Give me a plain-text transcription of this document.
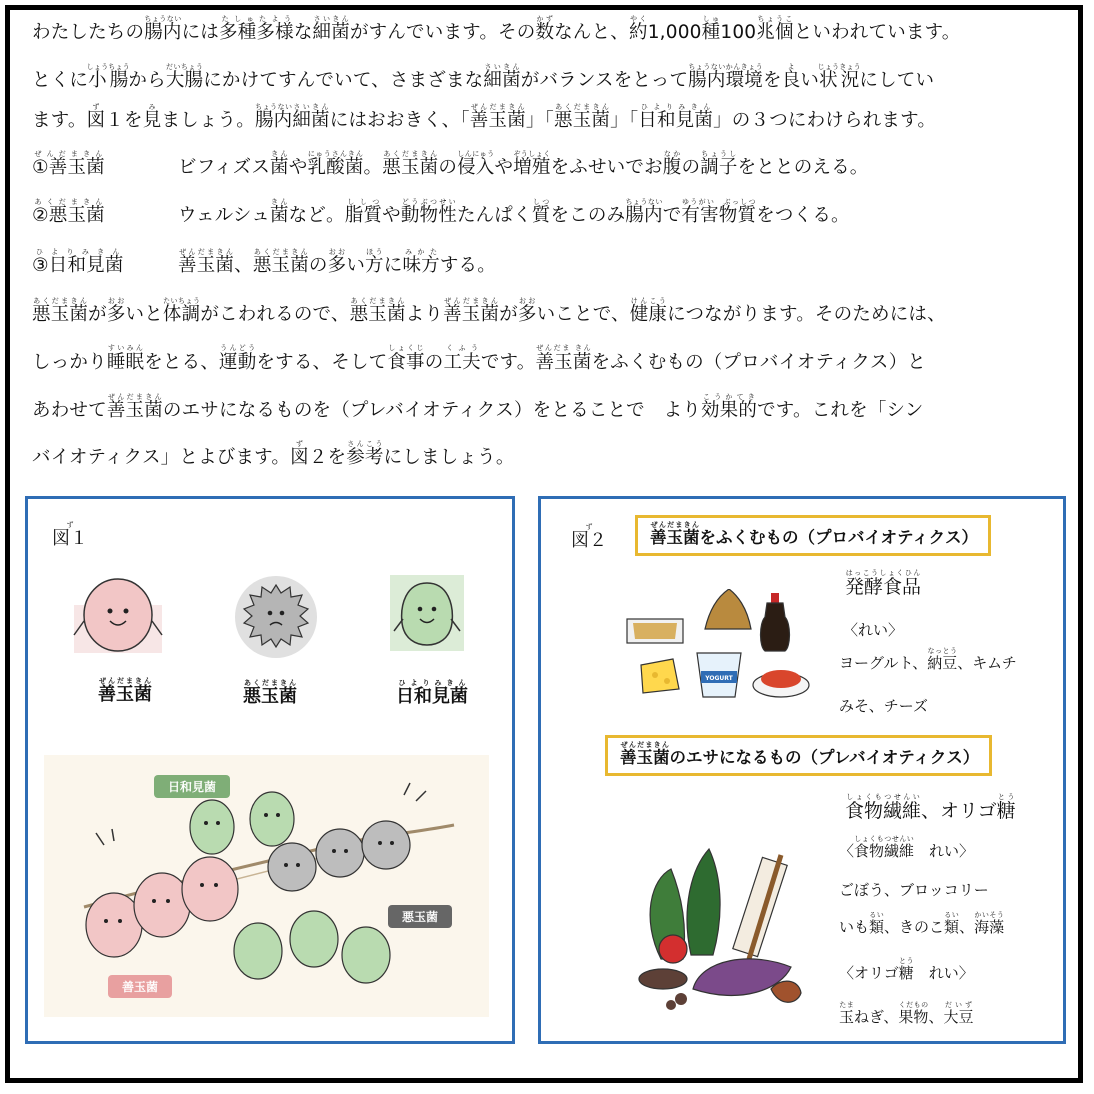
わたしたちの腸内ちょうないには多種多様たしゅたような細菌さいきんがすんでいます。その数かずなんと、約やく1,000種しゅ100兆個ちょうこといわれています。
とくに小腸しょうちょうから大腸だいちょうにかけてすんでいて、さまざまな細菌さいきんがバランスをとって腸内環境ちょうないかんきょうを良よい状況じょうきょうにしてい
ます。図ず１を見みましょう。腸内ちょうない細菌さいきんにはおおきく、「善玉菌ぜんだまきん」「悪玉菌あくだまきん」「日和見菌ひよりみきん」の３つにわけられます。
①善玉菌ぜんだまきんビフィズス菌きんや乳酸菌にゅうさんきん。悪玉菌あくだまきんの侵入しんにゅうや増殖ぞうしょくをふせいでお腹なかの調子ちょうしをととのえる。
②悪玉菌あくだまきんウェルシュ菌きんなど。脂質ししつや動物性どうぶつせいたんぱく質しつをこのみ腸内ちょうないで有害物質ゆうがい　ぶっしつをつくる。
③日和見菌ひよりみきん善玉菌ぜんだまきん、悪玉菌あくだまきんの多おおい方ほうに味方みかたする。
悪玉菌あくだまきんが多おおいと体調たいちょうがこわれるので、悪玉菌あくだまきんより善玉菌ぜんだまきんが多おおいことで、健康けんこうにつながります。そのためには、
しっかり睡眠すいみんをとる、運動うんどうをする、そして食事しょくじの工夫くふうです。善玉菌ぜんだま きんをふくむもの（プロバイオティクス）と
あわせて善玉菌ぜんだまきんのエサになるものを（プレバイオティクス）をとることで　より効果的こうかてきです。これを「シン
バイオティクス」とよびます。図ず２を参考さんこうにしましょう。
図１ず
善玉菌ぜんだまきん
悪玉菌あくだまきん
日和見菌ひよりみきん
日和見菌
悪玉菌
善玉菌
図２ず
善玉菌ぜんだまきんをふくむもの（プロバイオティクス）
YOGURT
発酵食品はっこうしょくひん
〈れい〉
ヨーグルト、納豆なっとう、キムチ
みそ、チーズ
善玉菌ぜんだまきんのエサになるもの（プレバイオティクス）
食物繊維しょくもつせんい、オリゴ糖とう
〈食物繊維しょくもつせんい　れい〉
ごぼう、ブロッコリー
いも類るい、きのこ類るい、海藻かいそう
〈オリゴ糖とう　れい〉
玉たまねぎ、果物くだもの、大豆だいず
